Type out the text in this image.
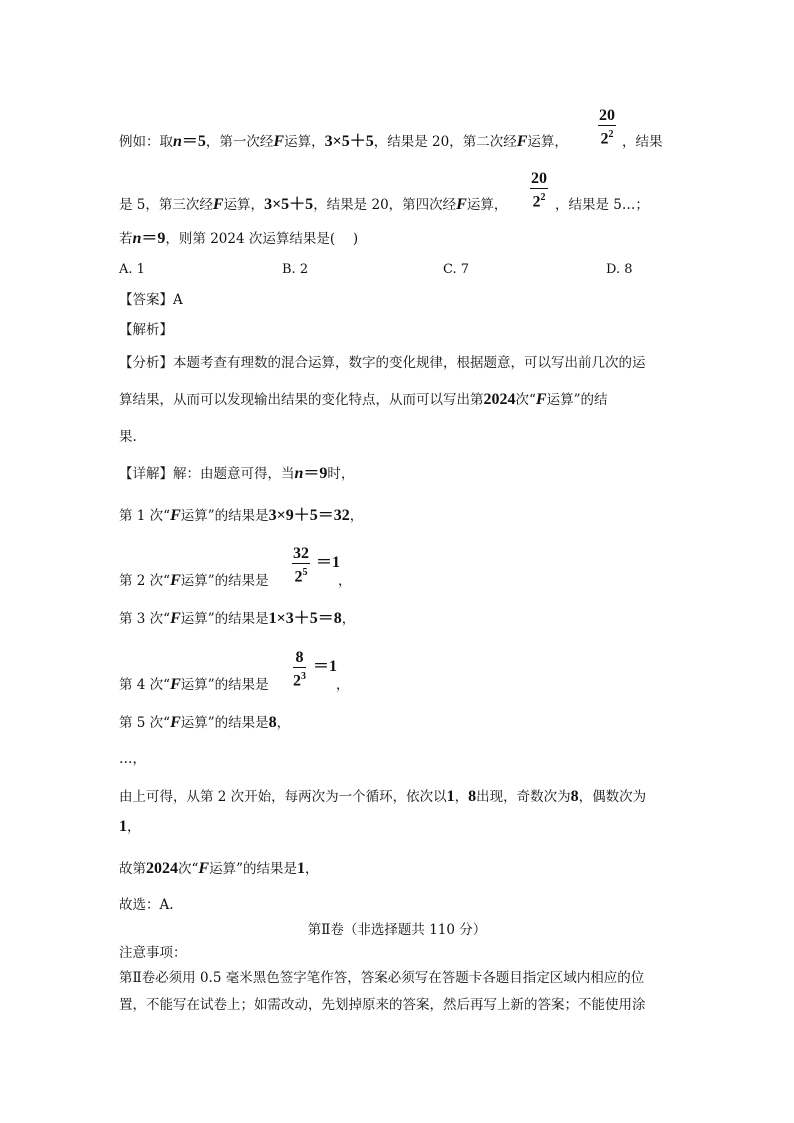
例如：取n＝5，第一次经F运算，3×5＋5，结果是 20，第二次经F运算， $\frac{20}{2^2}$ ，结果
是 5，第三次经F运算，3×5＋5，结果是 20，第四次经F运算， $\frac{20}{2^2}$ ，结果是 5…；
若n＝9，则第 2024 次运算结果是(　 )
A. 1	B. 2	C. 7	D. 8
【答案】A
【解析】
【分析】本题考查有理数的混合运算，数字的变化规律，根据题意，可以写出前几次的运
算结果，从而可以发现输出结果的变化特点，从而可以写出第2024次“F运算”的结
果.
【详解】解：由题意可得，当n＝9时，
第 1 次“F运算”的结果是3×9＋5＝32，
第 2 次“F运算”的结果是 $\frac{32}{2^5} =1$
，
第 3 次“F运算”的结果是1×3＋5＝8，
第 4 次“F运算”的结果是 $\frac{8}{2^3} =1$
，
第 5 次“F运算”的结果是8，
…，
由上可得，从第 2 次开始，每两次为一个循环，依次以1，8出现，奇数次为8，偶数次为
1，
故第2024次“F运算”的结果是1，
故选：A.
第Ⅱ卷（非选择题共 110 分）
注意事项：
第Ⅱ卷必须用 0.5 毫米黑色签字笔作答，答案必须写在答题卡各题目指定区域内相应的位
置，不能写在试卷上；如需改动，先划掉原来的答案，然后再写上新的答案；不能使用涂
